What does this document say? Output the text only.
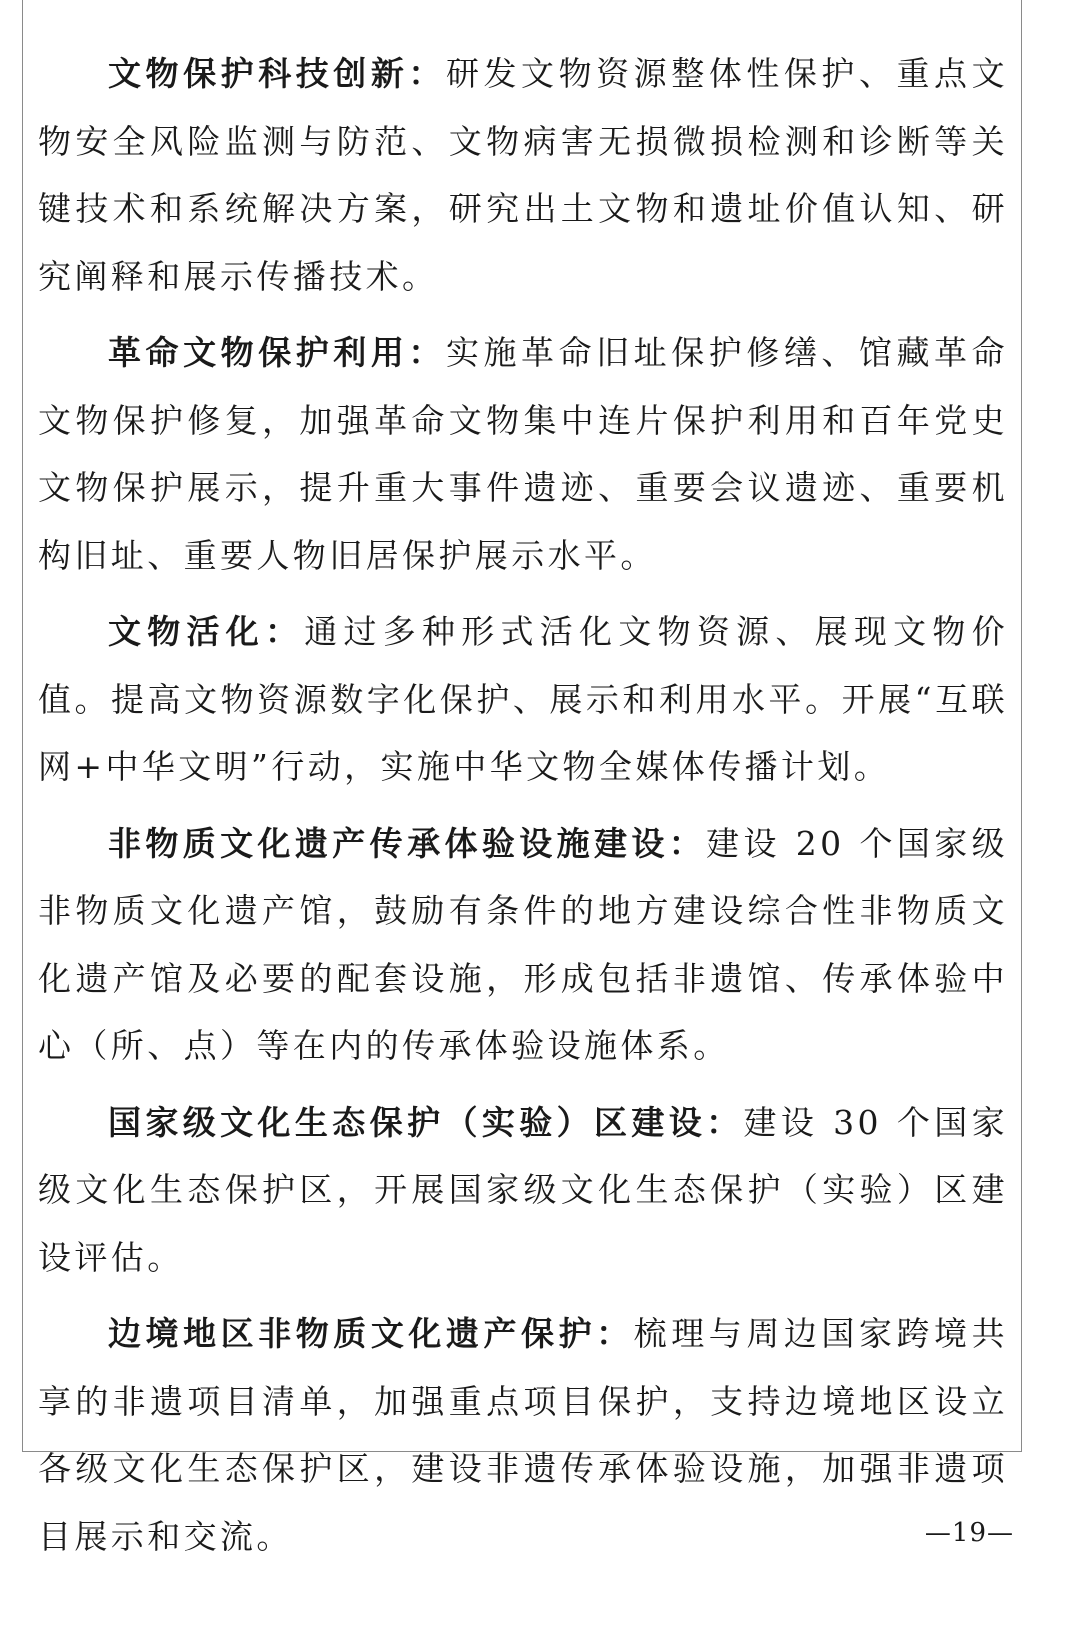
文物保护科技创新：研发文物资源整体性保护、重点文物安全风险监测与防范、文物病害无损微损检测和诊断等关键技术和系统解决方案，研究出土文物和遗址价值认知、研究阐释和展示传播技术。

革命文物保护利用：实施革命旧址保护修缮、馆藏革命文物保护修复，加强革命文物集中连片保护利用和百年党史文物保护展示，提升重大事件遗迹、重要会议遗迹、重要机构旧址、重要人物旧居保护展示水平。

文物活化：通过多种形式活化文物资源、展现文物价值。提高文物资源数字化保护、展示和利用水平。开展“互联网+中华文明”行动，实施中华文物全媒体传播计划。

非物质文化遗产传承体验设施建设：建设 20 个国家级非物质文化遗产馆，鼓励有条件的地方建设综合性非物质文化遗产馆及必要的配套设施，形成包括非遗馆、传承体验中心（所、点）等在内的传承体验设施体系。

国家级文化生态保护（实验）区建设：建设 30 个国家级文化生态保护区，开展国家级文化生态保护（实验）区建设评估。

边境地区非物质文化遗产保护：梳理与周边国家跨境共享的非遗项目清单，加强重点项目保护，支持边境地区设立各级文化生态保护区，建设非遗传承体验设施，加强非遗项目展示和交流。	—19—
